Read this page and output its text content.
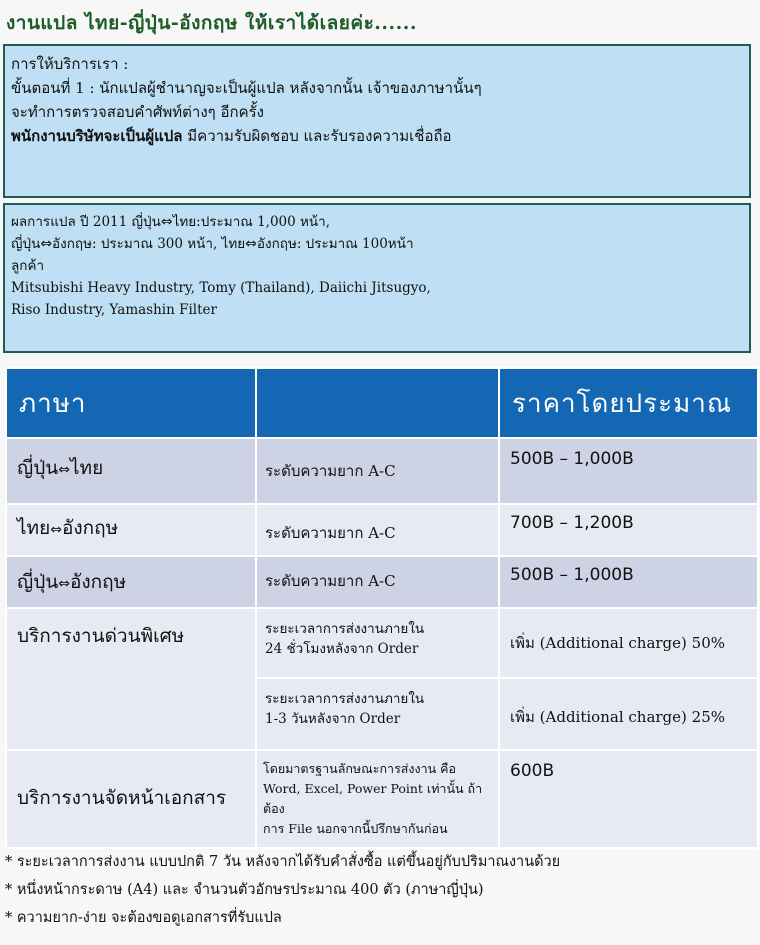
งานแปล ไทย-ญี่ปุ่น-อังกฤษ ให้เราได้เลยค่ะ......
การให้บริการเรา :
ขั้นตอนที่ 1 : นักแปลผู้ชำนาญจะเป็นผู้แปล หลังจากนั้น เจ้าของภาษานั้นๆ
จะทำการตรวจสอบคำศัพท์ต่างๆ อีกครั้ง
พนักงานบริษัทจะเป็นผู้แปล มีความรับผิดชอบ และรับรองความเชื่อถือ
ผลการแปล ปี 2011 ญี่ปุ่น⇔ไทย:ประมาณ 1,000 หน้า,
ญี่ปุ่น⇔อังกฤษ: ประมาณ 300 หน้า, ไทย⇔อังกฤษ: ประมาณ 100หน้า
ลูกค้า
Mitsubishi Heavy Industry, Tomy (Thailand), Daiichi Jitsugyo,
Riso Industry, Yamashin Filter
ภาษา		ราคาโดยประมาณ
ญี่ปุ่น⇔ไทย	ระดับความยาก A-C	500B – 1,000B
ไทย⇔อังกฤษ	ระดับความยาก A-C	700B – 1,200B
ญี่ปุ่น⇔อังกฤษ	ระดับความยาก A-C	500B – 1,000B
บริการงานด่วนพิเศษ	ระยะเวลาการส่งงานภายใน
24 ชั่วโมงหลังจาก Order	เพิ่ม (Additional charge) 50%

	ระยะเวลาการส่งงานภายใน
1-3 วันหลังจาก Order	เพิ่ม (Additional charge) 25%
บริการงานจัดหน้าเอกสาร	โดยมาตรฐานลักษณะการส่งงาน คือ
Word, Excel, Power Point เท่านั้น ถ้าต้อง
การ File นอกจากนี้ปรึกษากันก่อน	600B
* ระยะเวลาการส่งงาน แบบปกติ 7 วัน หลังจากได้รับคำสั่งซื้อ แต่ขึ้นอยู่กับปริมาณงานด้วย
* หนึ่งหน้ากระดาษ (A4) และ จำนวนตัวอักษรประมาณ 400 ตัว (ภาษาญี่ปุ่น)
* ความยาก-ง่าย จะต้องขอดูเอกสารที่รับแปล
